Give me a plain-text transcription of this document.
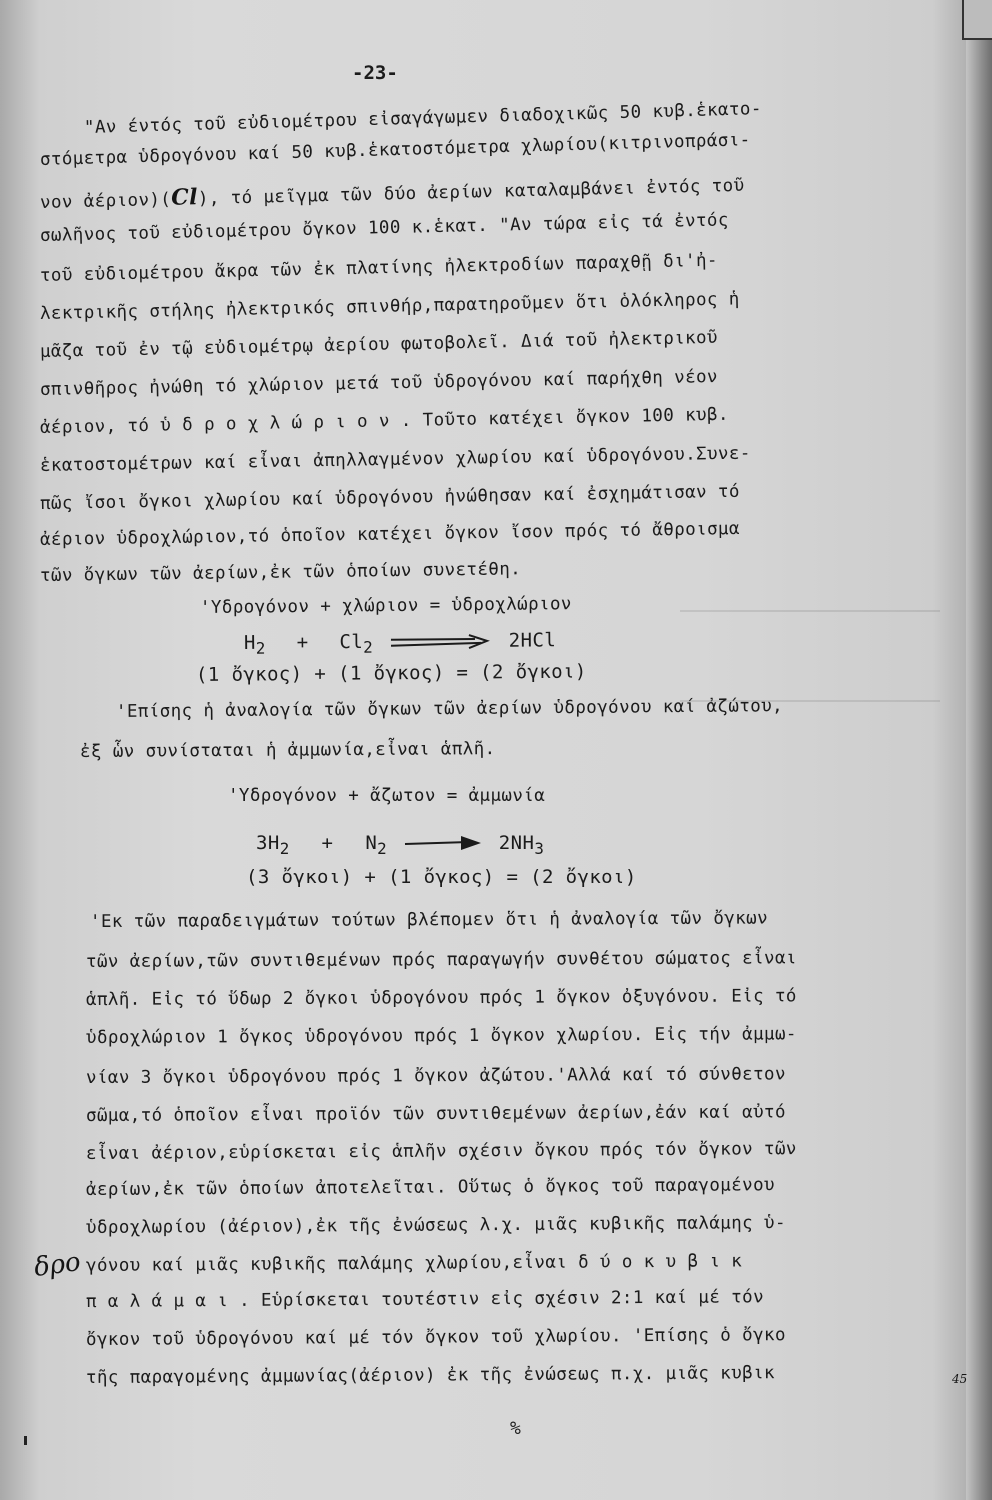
-23-
"Αν έντός τοῦ εὐδιομέτρου εἰσαγάγωμεν διαδοχικῶς 50 κυβ.ἑκατο-
στόμετρα ὑδρογόνου καί 50 κυβ.ἑκατοστόμετρα χλωρίου(κιτρινοπράσι-
νον ἀέριον)(Cl), τό μεῖγμα τῶν δύο ἀερίων καταλαμβάνει ἐντός τοῦ
σωλῆνος τοῦ εὐδιομέτρου ὄγκον 100 κ.ἑκατ. "Αν τώρα εἰς τά ἐντός
τοῦ εὐδιομέτρου ἄκρα τῶν ἐκ πλατίνης ἠλεκτροδίων παραχθῇ δι'ἠ-
λεκτρικῆς στήλης ἠλεκτρικός σπινθήρ,παρατηροῦμεν ὅτι ὁλόκληρος ἡ
μᾶζα τοῦ ἐν τῷ εὐδιομέτρῳ ἀερίου φωτοβολεῖ. Διά τοῦ ἠλεκτρικοῦ
σπινθῆρος ἠνώθη τό χλώριον μετά τοῦ ὑδρογόνου καί παρήχθη νέον
ἀέριον, τό ὑ δ ρ ο χ λ ώ ρ ι ο ν . Τοῦτο κατέχει ὄγκον 100 κυβ.
ἑκατοστομέτρων καί εἶναι ἀπηλλαγμένον χλωρίου καί ὑδρογόνου.Συνε-
πῶς ἴσοι ὄγκοι χλωρίου καί ὑδρογόνου ἠνώθησαν καί ἐσχημάτισαν τό
ἀέριον ὑδροχλώριον,τό ὁποῖον κατέχει ὄγκον ἴσον πρός τό ἄθροισμα
τῶν ὄγκων τῶν ἀερίων,ἐκ τῶν ὁποίων συνετέθη.
'Υδρογόνον + χλώριον = ὑδροχλώριον
$H_2 + Cl_2$	2HCl
(1 ὄγκος) + (1 ὄγκος) = (2 ὄγκοι)
'Επίσης ἡ ἀναλογία τῶν ὄγκων τῶν ἀερίων ὑδρογόνου καί ἀζώτου,
ἐξ ὧν συνίσταται ἡ ἀμμωνία,εἶναι ἁπλῆ.
'Υδρογόνον + ἄζωτον = ἀμμωνία
$3H_2 + N_2$	$2NH_3$
(3 ὄγκοι) + (1 ὄγκος) = (2 ὄγκοι)
'Εκ τῶν παραδειγμάτων τούτων βλέπομεν ὅτι ἡ ἀναλογία τῶν ὄγκων
τῶν ἀερίων,τῶν συντιθεμένων πρός παραγωγήν συνθέτου σώματος εἶναι
ἁπλῆ. Εἰς τό ὕδωρ 2 ὄγκοι ὑδρογόνου πρός 1 ὄγκον ὀξυγόνου. Εἰς τό
ὑδροχλώριον 1 ὄγκος ὑδρογόνου πρός 1 ὄγκον χλωρίου. Εἰς τήν ἀμμω-
νίαν 3 ὄγκοι ὑδρογόνου πρός 1 ὄγκον ἀζώτου.'Αλλά καί τό σύνθετον
σῶμα,τό ὁποῖον εἶναι προϊόν τῶν συντιθεμένων ἀερίων,ἐάν καί αὐτό
εἶναι ἀέριον,εὑρίσκεται εἰς ἁπλῆν σχέσιν ὄγκου πρός τόν ὄγκον τῶν
ἀερίων,ἐκ τῶν ὁποίων ἀποτελεῖται. Οὕτως ὁ ὄγκος τοῦ παραγομένου
ὑδροχλωρίου (ἀέριον),ἐκ τῆς ἐνώσεως λ.χ. μιᾶς κυβικῆς παλάμης ὑ-
γόνου καί μιᾶς κυβικῆς παλάμης χλωρίου,εἶναι δ ύ ο κ υ β ι κ
π α λ ά μ α ι . Εὑρίσκεται τουτέστιν εἰς σχέσιν 2:1 καί μέ τόν
ὄγκον τοῦ ὑδρογόνου καί μέ τόν ὄγκον τοῦ χλωρίου. 'Επίσης ὁ ὄγκο
τῆς παραγομένης ἀμμωνίας(ἀέριον) ἐκ τῆς ἐνώσεως π.χ. μιᾶς κυβικ
δρο
45
%
